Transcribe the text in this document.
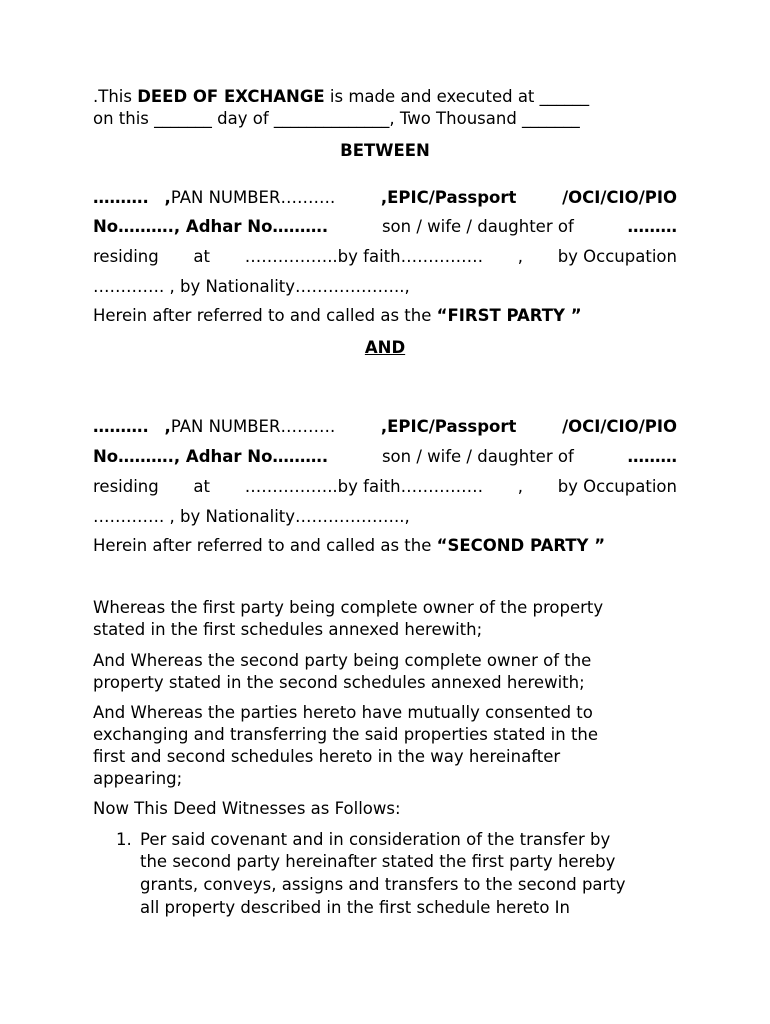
.This DEED OF EXCHANGE is made and executed at ______
on this _______ day of ______________, Two Thousand _______
BETWEEN
………. ,PAN NUMBER……….	,EPIC/Passport	/OCI/CIO/PIO
No………., Adhar No……….	son / wife / daughter of	………
residing at ……………..by faith…………… , by Occupation
…………. , by Nationality………………..,
Herein after referred to and called as the “FIRST PARTY ”
AND
………. ,PAN NUMBER……….	,EPIC/Passport	/OCI/CIO/PIO
No………., Adhar No……….	son / wife / daughter of	………
residing at ……………..by faith…………… , by Occupation
…………. , by Nationality………………..,
Herein after referred to and called as the “SECOND PARTY ”
Whereas the first party being complete owner of the property
stated in the first schedules annexed herewith;
And Whereas the second party being complete owner of the
property stated in the second schedules annexed herewith;
And Whereas the parties hereto have mutually consented to
exchanging and transferring the said properties stated in the
first and second schedules hereto in the way hereinafter
appearing;
Now This Deed Witnesses as Follows:
1. Per said covenant and in consideration of the transfer by
the second party hereinafter stated the first party hereby
grants, conveys, assigns and transfers to the second party
all property described in the first schedule hereto In
